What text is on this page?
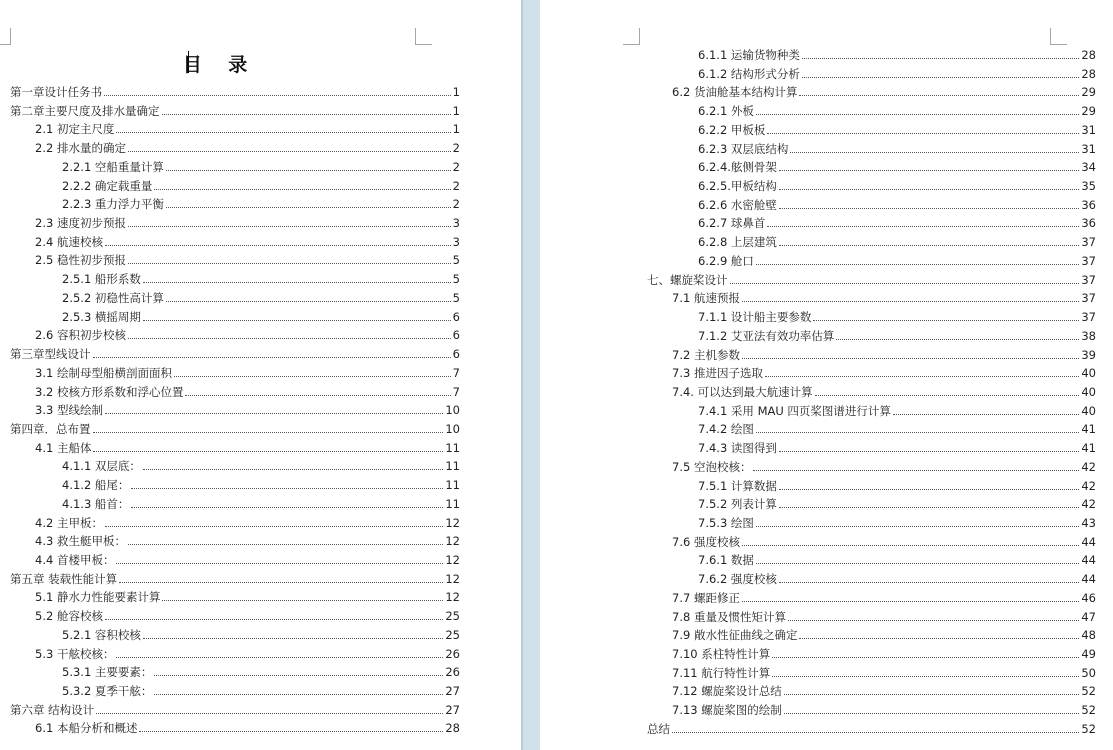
目 录
第一章设计任务书	1
第二章主要尺度及排水量确定	1
2.1 初定主尺度	1
2.2 排水量的确定	2
2.2.1 空船重量计算	2
2.2.2 确定载重量	2
2.2.3 重力浮力平衡	2
2.3 速度初步预报	3
2.4 航速校核	3
2.5 稳性初步预报	5
2.5.1 船形系数	5
2.5.2 初稳性高计算	5
2.5.3 横摇周期	6
2.6 容积初步校核	6
第三章型线设计	6
3.1 绘制母型船横剖面面积	7
3.2 校核方形系数和浮心位置	7
3.3 型线绘制	10
第四章．总布置	10
4.1 主船体	11
4.1.1 双层底：	11
4.1.2 船尾：	11
4.1.3 船首：	11
4.2 主甲板：	12
4.3 救生艇甲板：	12
4.4 首楼甲板：	12
第五章 装载性能计算	12
5.1 静水力性能要素计算	12
5.2 舱容校核	25
5.2.1 容积校核	25
5.3 干舷校核：	26
5.3.1 主要要素：	26
5.3.2 夏季干舷：	27
第六章 结构设计	27
6.1 本船分析和概述	28
6.1.1 运输货物种类	28
6.1.2 结构形式分析	28
6.2 货油舱基本结构计算	29
6.2.1 外板	29
6.2.2 甲板板	31
6.2.3 双层底结构	31
6.2.4.舷侧骨架	34
6.2.5.甲板结构	35
6.2.6 水密舱壁	36
6.2.7 球鼻首	36
6.2.8 上层建筑	37
6.2.9 舱口	37
七、螺旋桨设计	37
7.1 航速预报	37
7.1.1 设计船主要参数	37
7.1.2 艾亚法有效功率估算	38
7.2 主机参数	39
7.3 推进因子选取	40
7.4. 可以达到最大航速计算	40
7.4.1 采用 MAU 四页桨图谱进行计算	40
7.4.2 绘图	41
7.4.3 读图得到	41
7.5 空泡校核：	42
7.5.1 计算数据	42
7.5.2 列表计算	42
7.5.3 绘图	43
7.6 强度校核	44
7.6.1 数据	44
7.6.2 强度校核	44
7.7 螺距修正	46
7.8 重量及惯性矩计算	47
7.9 敞水性征曲线之确定	48
7.10 系柱特性计算	49
7.11 航行特性计算	50
7.12 螺旋桨设计总结	52
7.13 螺旋桨图的绘制	52
总结	52
